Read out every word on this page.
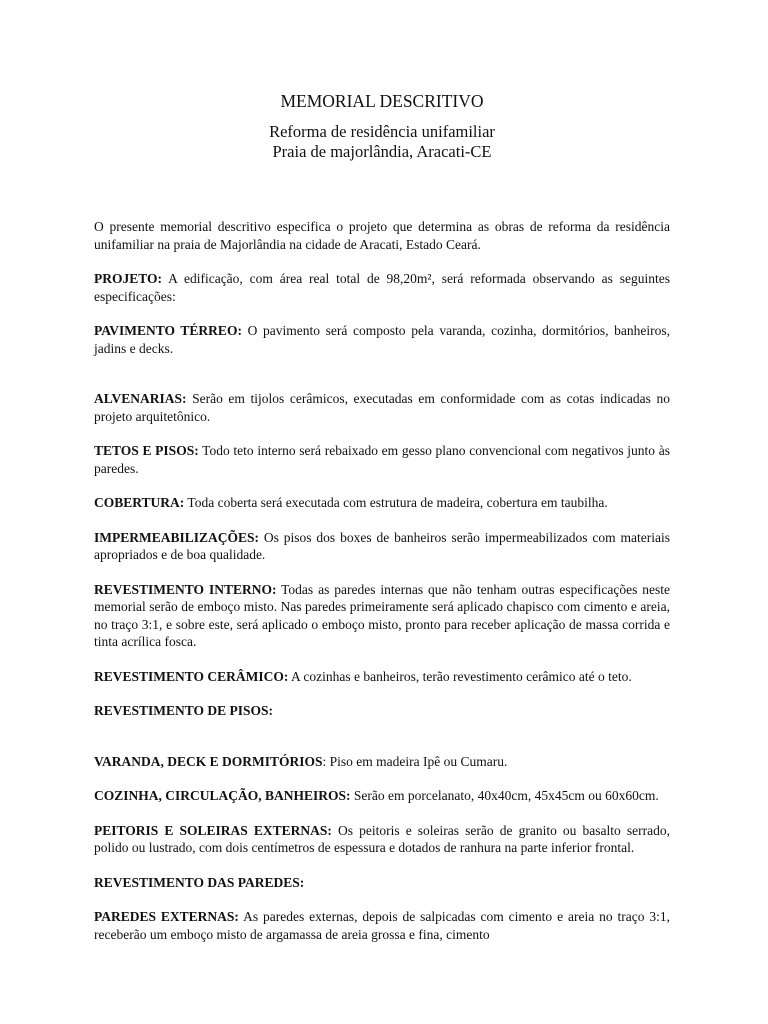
MEMORIAL DESCRITIVO
Reforma de residência unifamiliar
Praia de majorlândia, Aracati-CE

O presente memorial descritivo especifica o projeto que determina as obras de reforma da residência unifamiliar na praia de Majorlândia na cidade de Aracati, Estado Ceará.

PROJETO: A edificação, com área real total de 98,20m², será reformada observando as seguintes especificações:

PAVIMENTO TÉRREO: O pavimento será composto pela varanda, cozinha, dormitórios, banheiros, jadins e decks.

ALVENARIAS: Serão em tijolos cerâmicos, executadas em conformidade com as cotas indicadas no projeto arquitetônico.

TETOS E PISOS: Todo teto interno será rebaixado em gesso plano convencional com negativos junto às paredes.

COBERTURA: Toda coberta será executada com estrutura de madeira, cobertura em taubilha.

IMPERMEABILIZAÇÕES: Os pisos dos boxes de banheiros serão impermeabilizados com materiais apropriados e de boa qualidade.

REVESTIMENTO INTERNO: Todas as paredes internas que não tenham outras especificações neste memorial serão de emboço misto. Nas paredes primeiramente será aplicado chapisco com cimento e areia, no traço 3:1, e sobre este, será aplicado o emboço misto, pronto para receber aplicação de massa corrida e tinta acrílica fosca.

REVESTIMENTO CERÂMICO: A cozinhas e banheiros, terão revestimento cerâmico até o teto.

REVESTIMENTO DE PISOS:

VARANDA, DECK E DORMITÓRIOS: Piso em madeira Ipê ou Cumaru.

COZINHA, CIRCULAÇÃO, BANHEIROS: Serão em porcelanato, 40x40cm, 45x45cm ou 60x60cm.

PEITORIS E SOLEIRAS EXTERNAS: Os peitoris e soleiras serão de granito ou basalto serrado, polido ou lustrado, com dois centímetros de espessura e dotados de ranhura na parte inferior frontal.

REVESTIMENTO DAS PAREDES:

PAREDES EXTERNAS: As paredes externas, depois de salpicadas com cimento e areia no traço 3:1, receberão um emboço misto de argamassa de areia grossa e fina, cimento
